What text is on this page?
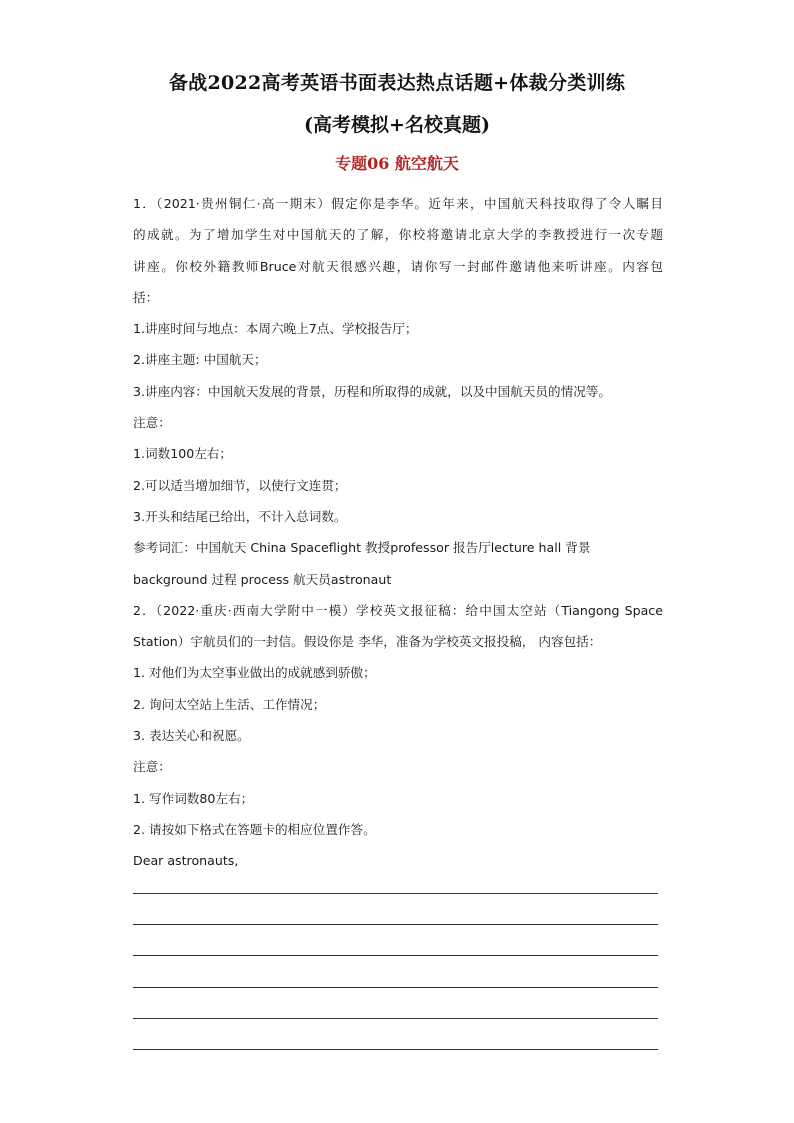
备战2022高考英语书面表达热点话题+体裁分类训练
(高考模拟+名校真题)
专题06 航空航天

1．（2021·贵州铜仁·高一期末）假定你是李华。近年来，中国航天科技取得了令人瞩目

的成就。为了增加学生对中国航天的了解，你校将邀请北京大学的李教授进行一次专题

讲座。你校外籍教师Bruce对航天很感兴趣，请你写一封邮件邀请他来听讲座。内容包

括：

1.讲座时间与地点：本周六晚上7点、学校报告厅；

2.讲座主题: 中国航天；

3.讲座内容：中国航天发展的背景，历程和所取得的成就，以及中国航天员的情况等。

注意：

1.词数100左右；

2.可以适当增加细节，以使行文连贯；

3.开头和结尾已给出，不计入总词数。

参考词汇：中国航天 China Spaceflight 教授professor 报告厅lecture hall 背景

background 过程 process 航天员astronaut

2．（2022·重庆·西南大学附中一模）学校英文报征稿：给中国太空站（Tiangong Space

Station）宇航员们的一封信。假设你是 李华，准备为学校英文报投稿， 内容包括：

1. 对他们为太空事业做出的成就感到骄傲；

2. 询问太空站上生活、工作情况；

3. 表达关心和祝愿。

注意：

1. 写作词数80左右；

2. 请按如下格式在答题卡的相应位置作答。

Dear astronauts,
